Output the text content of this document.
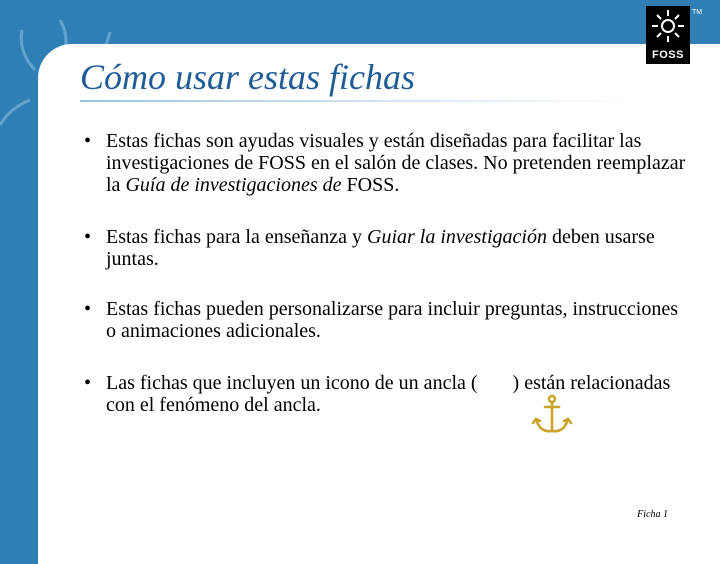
Cómo usar estas fichas
FOSS
TM
• Estas fichas son ayudas visuales y están diseñadas para facilitar las investigaciones de FOSS en el salón de clases. No pretenden reemplazar la Guía de investigaciones de FOSS.
• Estas fichas para la enseñanza y Guiar la investigación deben usarse juntas.
• Estas fichas pueden personalizarse para incluir preguntas, instrucciones o animaciones adicionales.
• Las fichas que incluyen un icono de un ancla (       ) están relacionadas con el fenómeno del ancla.
Ficha 1
